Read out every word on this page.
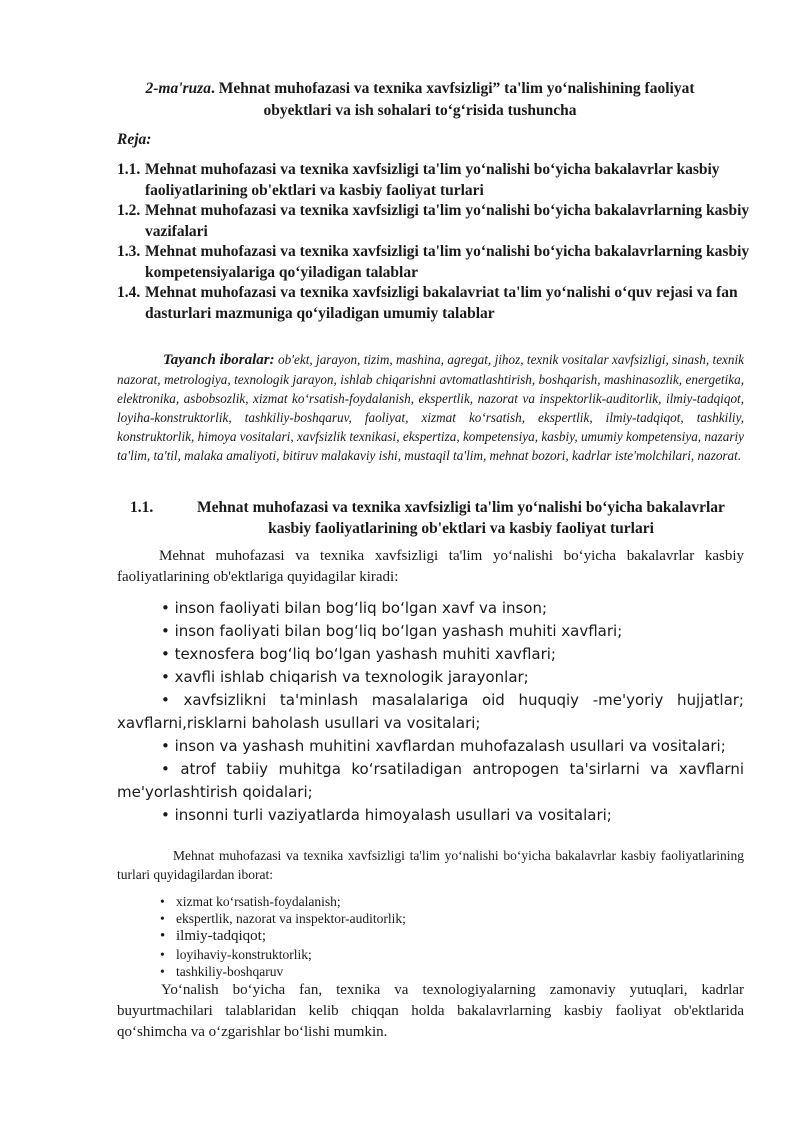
2-ma'ruza. Mehnat muhofazasi va texnika xavfsizligi” ta'lim yo‘nalishining faoliyat obyektlari va ish sohalari to‘g‘risida tushuncha
Reja:
1.1. Mehnat muhofazasi va texnika xavfsizligi ta'lim yo‘nalishi bo‘yicha bakalavrlar kasbiy faoliyatlarining ob'ektlari va kasbiy faoliyat turlari
1.2. Mehnat muhofazasi va texnika xavfsizligi ta'lim yo‘nalishi bo‘yicha bakalavrlarning kasbiy vazifalari
1.3. Mehnat muhofazasi va texnika xavfsizligi ta'lim yo‘nalishi bo‘yicha bakalavrlarning kasbiy kompetensiyalariga qo‘yiladigan talablar
1.4. Mehnat muhofazasi va texnika xavfsizligi bakalavriat ta'lim yo‘nalishi o‘quv rejasi va fan dasturlari mazmuniga qo‘yiladigan umumiy talablar
Tayanch iboralar: ob'ekt, jarayon, tizim, mashina, agregat, jihoz, texnik vositalar xavfsizligi, sinash, texnik nazorat, metrologiya, texnologik jarayon, ishlab chiqarishni avtomatlashtirish, boshqarish, mashinasozlik, energetika, elektronika, asbobsozlik, xizmat ko‘rsatish-foydalanish, ekspertlik, nazorat va inspektorlik-auditorlik, ilmiy-tadqiqot, loyiha-konstruktorlik, tashkiliy-boshqaruv, faoliyat, xizmat ko‘rsatish, ekspertlik, ilmiy-tadqiqot, tashkiliy, konstruktorlik, himoya vositalari, xavfsizlik texnikasi, ekspertiza, kompetensiya, kasbiy, umumiy kompetensiya, nazariy ta'lim, ta'til, malaka amaliyoti, bitiruv malakaviy ishi, mustaqil ta'lim, mehnat bozori, kadrlar iste'molchilari, nazorat.
1.1.	Mehnat muhofazasi va texnika xavfsizligi ta'lim yo‘nalishi bo‘yicha bakalavrlar kasbiy faoliyatlarining ob'ektlari va kasbiy faoliyat turlari
Mehnat muhofazasi va texnika xavfsizligi ta'lim yo‘nalishi bo‘yicha bakalavrlar kasbiy faoliyatlarining ob'ektlariga quyidagilar kiradi:
• inson faoliyati bilan bog‘liq bo‘lgan xavf va inson;
• inson faoliyati bilan bog‘liq bo‘lgan yashash muhiti xavflari;
• texnosfera bog‘liq bo‘lgan yashash muhiti xavflari;
• xavfli ishlab chiqarish va texnologik jarayonlar;
• xavfsizlikni ta'minlash masalalariga oid huquqiy -me'yoriy hujjatlar; xavflarni,risklarni baholash usullari va vositalari;
• inson va yashash muhitini xavflardan muhofazalash usullari va vositalari;
• atrof tabiiy muhitga ko‘rsatiladigan antropogen ta'sirlarni va xavflarni me'yorlashtirish qoidalari;
• insonni turli vaziyatlarda himoyalash usullari va vositalari;
Mehnat muhofazasi va texnika xavfsizligi ta'lim yo‘nalishi bo‘yicha bakalavrlar kasbiy faoliyatlarining turlari quyidagilardan iborat:
• xizmat ko‘rsatish-foydalanish;
• ekspertlik, nazorat va inspektor-auditorlik;
• ilmiy-tadqiqot;
• loyihaviy-konstruktorlik;
• tashkiliy-boshqaruv
Yo‘nalish bo‘yicha fan, texnika va texnologiyalarning zamonaviy yutuqlari, kadrlar buyurtmachilari talablaridan kelib chiqqan holda bakalavrlarning kasbiy faoliyat ob'ektlarida qo‘shimcha va o‘zgarishlar bo‘lishi mumkin.
